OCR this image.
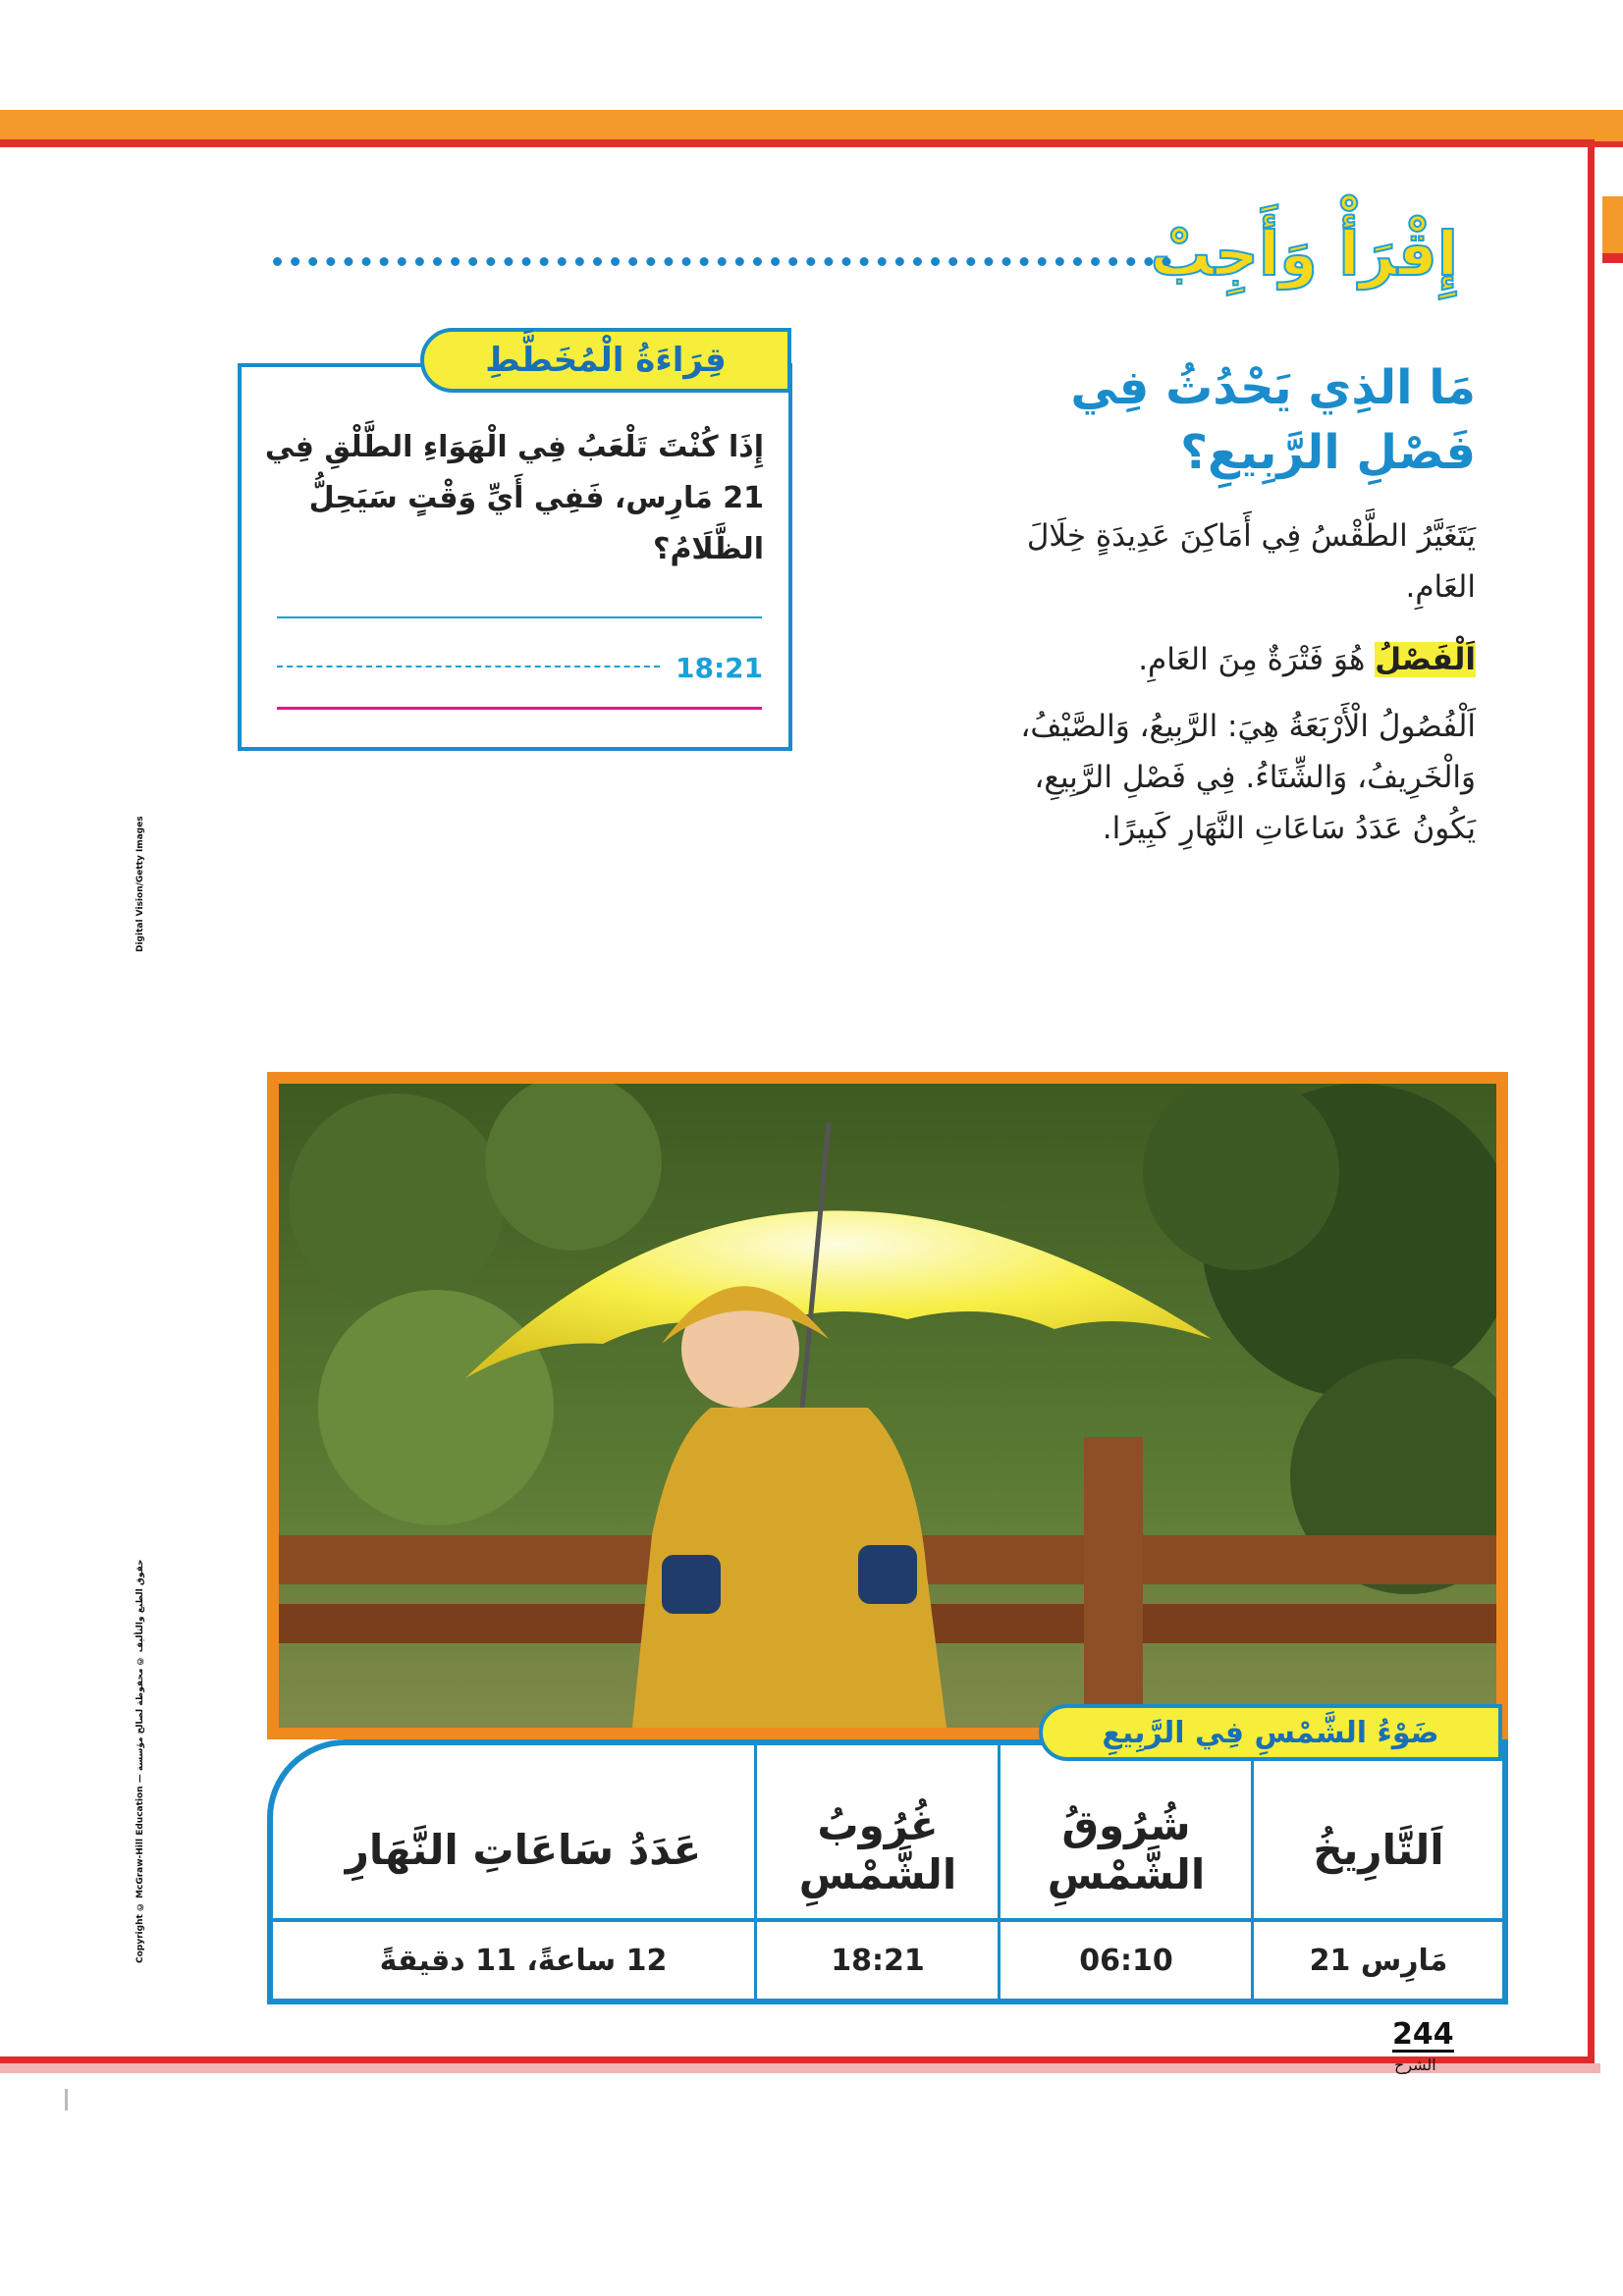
إِقْرَأْ وَأَجِبْ
مَا الذِي يَحْدُثُ فِي فَصْلِ الرَّبِيعِ؟
يَتَغَيَّرُ الطَّقْسُ فِي أَمَاكِنَ عَدِيدَةٍ خِلَالَ العَامِ.
اَلْفَصْلُ هُوَ فَتْرَةٌ مِنَ العَامِ.
اَلْفُصُولُ الْأَرْبَعَةُ هِيَ: الرَّبِيعُ، وَالصَّيْفُ، وَالْخَرِيفُ، وَالشِّتَاءُ. فِي فَصْلِ الرَّبِيعِ، يَكُونُ عَدَدُ سَاعَاتِ النَّهَارِ كَبِيرًا.
قِرَاءَةُ الْمُخَطَّطِ
إِذَا كُنْتَ تَلْعَبُ فِي الْهَوَاءِ الطَّلْقِ فِي 21 مَارِس، فَفِي أَيِّ وَقْتٍ سَيَحِلُّ الظَّلَامُ؟
18:21
Digital Vision/Getty Images
Copyright © McGraw-Hill Education — حقوق الطبع والتأليف © محفوظة لصالح مؤسسة
اَلتَّارِيخُ
شُرُوقُ الشَّمْسِ
غُرُوبُ الشَّمْسِ
عَدَدُ سَاعَاتِ النَّهَارِ
21 مَارِس
06:10
18:21
12 ساعةً، 11 دقيقةً
ضَوْءُ الشَّمْسِ فِي الرَّبِيعِ
244
الشرح
